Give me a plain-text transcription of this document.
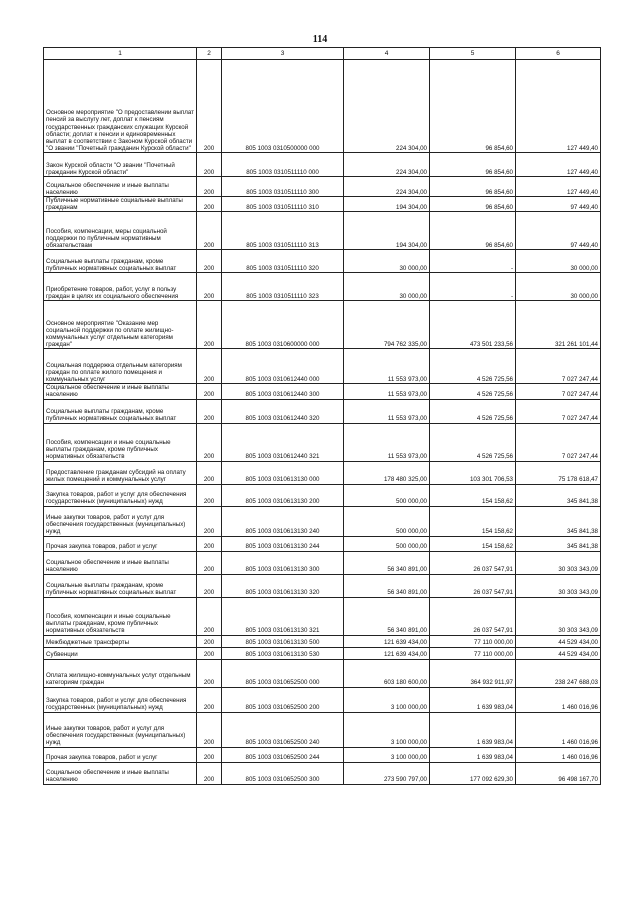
114
1	2	3	4	5	6
Основное мероприятие "О предоставлении выплат пенсий за выслугу лет, доплат к пенсиям государственных гражданских служащих Курской области; доплат к пенсии и единовременных выплат в соответствии с Законом Курской области "О звании "Почетный гражданин Курской области"	200	805 1003 0310500000 000	224 304,00	96 854,60	127 449,40
Закон Курской области "О звании "Почетный гражданин Курской области"	200	805 1003 0310511110 000	224 304,00	96 854,60	127 449,40
Социальное обеспечение и иные выплаты населению	200	805 1003 0310511110 300	224 304,00	96 854,60	127 449,40
Публичные нормативные социальные выплаты гражданам	200	805 1003 0310511110 310	194 304,00	96 854,60	97 449,40
Пособия, компенсации, меры социальной поддержки по публичным нормативным обязательствам	200	805 1003 0310511110 313	194 304,00	96 854,60	97 449,40
Социальные выплаты гражданам, кроме публичных нормативных социальных выплат	200	805 1003 0310511110 320	30 000,00	-	30 000,00
Приобретение товаров, работ, услуг в пользу граждан в целях их социального обеспечения	200	805 1003 0310511110 323	30 000,00	-	30 000,00
Основное мероприятие "Оказание мер социальной поддержки по оплате жилищно-коммунальных услуг отдельным категориям граждан"	200	805 1003 0310600000 000	794 762 335,00	473 501 233,56	321 261 101,44
Социальная поддержка отдельным категориям граждан по оплате жилого помещения и коммунальных услуг	200	805 1003 0310612440 000	11 553 973,00	4 526 725,56	7 027 247,44
Социальное обеспечение и иные выплаты населению	200	805 1003 0310612440 300	11 553 973,00	4 526 725,56	7 027 247,44
Социальные выплаты гражданам, кроме публичных нормативных социальных выплат	200	805 1003 0310612440 320	11 553 973,00	4 526 725,56	7 027 247,44
Пособия, компенсации и иные социальные выплаты гражданам, кроме публичных нормативных обязательств	200	805 1003 0310612440 321	11 553 973,00	4 526 725,56	7 027 247,44
Предоставление гражданам субсидий на оплату жилых помещений и коммунальных услуг	200	805 1003 0310613130 000	178 480 325,00	103 301 706,53	75 178 618,47
Закупка товаров, работ и услуг для обеспечения государственных (муниципальных) нужд	200	805 1003 0310613130 200	500 000,00	154 158,62	345 841,38
Иные закупки товаров, работ и услуг для обеспечения государственных (муниципальных) нужд	200	805 1003 0310613130 240	500 000,00	154 158,62	345 841,38
Прочая закупка товаров, работ и услуг	200	805 1003 0310613130 244	500 000,00	154 158,62	345 841,38
Социальное обеспечение и иные выплаты населению	200	805 1003 0310613130 300	56 340 891,00	26 037 547,91	30 303 343,09
Социальные выплаты гражданам, кроме публичных нормативных социальных выплат	200	805 1003 0310613130 320	56 340 891,00	26 037 547,91	30 303 343,09
Пособия, компенсации и иные социальные выплаты гражданам, кроме публичных нормативных обязательств	200	805 1003 0310613130 321	56 340 891,00	26 037 547,91	30 303 343,09
Межбюджетные трансферты	200	805 1003 0310613130 500	121 639 434,00	77 110 000,00	44 529 434,00
Субвенции	200	805 1003 0310613130 530	121 639 434,00	77 110 000,00	44 529 434,00
Оплата жилищно-коммунальных услуг отдельным категориям граждан	200	805 1003 0310652500 000	603 180 600,00	364 932 911,97	238 247 688,03
Закупка товаров, работ и услуг для обеспечения государственных (муниципальных) нужд	200	805 1003 0310652500 200	3 100 000,00	1 639 983,04	1 460 016,96
Иные закупки товаров, работ и услуг для обеспечения государственных (муниципальных) нужд	200	805 1003 0310652500 240	3 100 000,00	1 639 983,04	1 460 016,96
Прочая закупка товаров, работ и услуг	200	805 1003 0310652500 244	3 100 000,00	1 639 983,04	1 460 016,96
Социальное обеспечение и иные выплаты населению	200	805 1003 0310652500 300	273 590 797,00	177 092 629,30	96 498 167,70
